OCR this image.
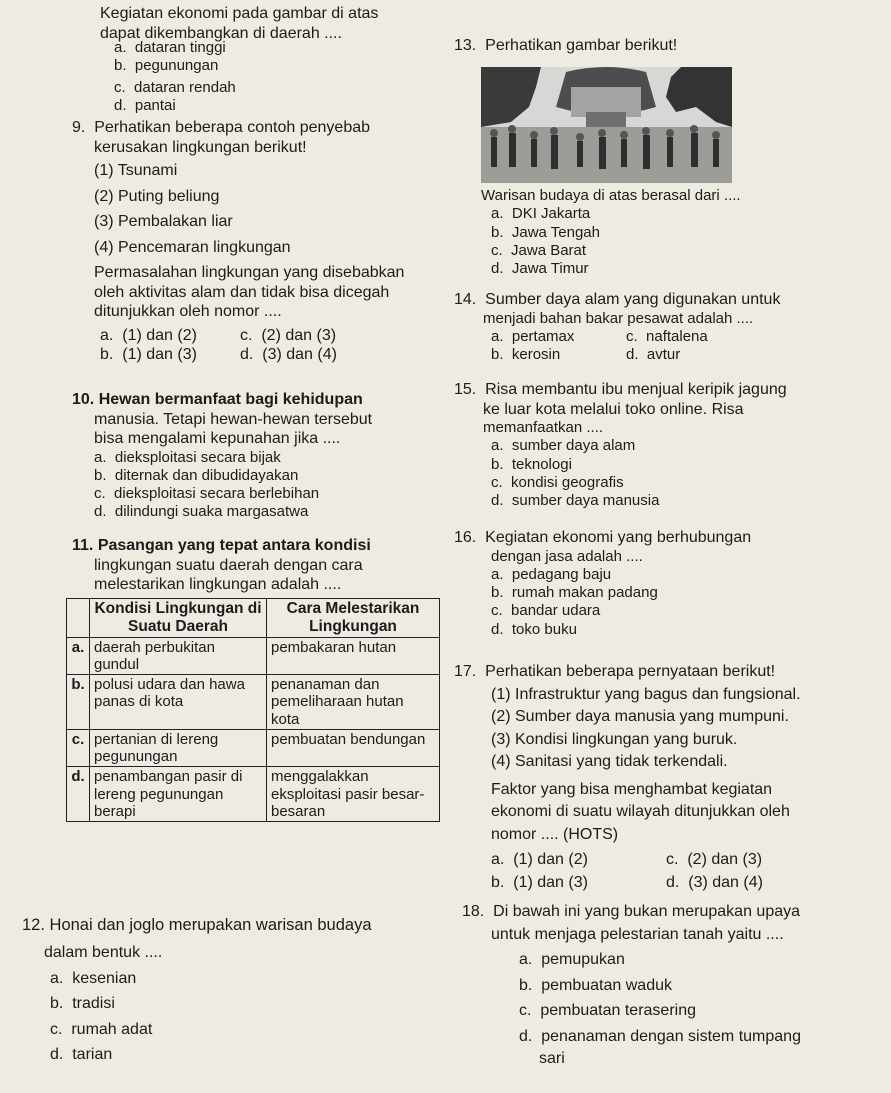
Kegiatan ekonomi pada gambar di atas
dapat dikembangkan di daerah ....
a. dataran tinggi
b. pegunungan
c. dataran rendah
d. pantai
9. Perhatikan beberapa contoh penyebab
kerusakan lingkungan berikut!
(1) Tsunami
(2) Puting beliung
(3) Pembalakan liar
(4) Pencemaran lingkungan
Permasalahan lingkungan yang disebabkan
oleh aktivitas alam dan tidak bisa dicegah
ditunjukkan oleh nomor ....
a. (1) dan (2)	c. (2) dan (3)
b. (1) dan (3)	d. (3) dan (4)
10. Hewan bermanfaat bagi kehidupan
manusia. Tetapi hewan-hewan tersebut
bisa mengalami kepunahan jika ....
a. dieksploitasi secara bijak
b. diternak dan dibudidayakan
c. dieksploitasi secara berlebihan
d. dilindungi suaka margasatwa
11. Pasangan yang tepat antara kondisi
lingkungan suatu daerah dengan cara
melestarikan lingkungan adalah ....
	Kondisi Lingkungan di Suatu Daerah	Cara Melestarikan Lingkungan
a.	daerah perbukitan gundul	pembakaran hutan
b.	polusi udara dan hawa panas di kota	penanaman dan pemeliharaan hutan kota
c.	pertanian di lereng pegunungan	pembuatan bendungan
d.	penambangan pasir di lereng pegunungan berapi	menggalakkan eksploitasi pasir besar-besaran
12. Honai dan joglo merupakan warisan budaya
dalam bentuk ....
a. kesenian
b. tradisi
c. rumah adat
d. tarian
13. Perhatikan gambar berikut!
Warisan budaya di atas berasal dari ....
a. DKI Jakarta
b. Jawa Tengah
c. Jawa Barat
d. Jawa Timur
14. Sumber daya alam yang digunakan untuk
menjadi bahan bakar pesawat adalah ....
a. pertamax	c. naftalena
b. kerosin	d. avtur
15. Risa membantu ibu menjual keripik jagung
ke luar kota melalui toko online. Risa
memanfaatkan ....
a. sumber daya alam
b. teknologi
c. kondisi geografis
d. sumber daya manusia
16. Kegiatan ekonomi yang berhubungan
dengan jasa adalah ....
a. pedagang baju
b. rumah makan padang
c. bandar udara
d. toko buku
17. Perhatikan beberapa pernyataan berikut!
(1) Infrastruktur yang bagus dan fungsional.
(2) Sumber daya manusia yang mumpuni.
(3) Kondisi lingkungan yang buruk.
(4) Sanitasi yang tidak terkendali.
Faktor yang bisa menghambat kegiatan
ekonomi di suatu wilayah ditunjukkan oleh
nomor .... (HOTS)
a. (1) dan (2)	c. (2) dan (3)
b. (1) dan (3)	d. (3) dan (4)
18. Di bawah ini yang bukan merupakan upaya
untuk menjaga pelestarian tanah yaitu ....
a. pemupukan
b. pembuatan waduk
c. pembuatan terasering
d. penanaman dengan sistem tumpang
sari
